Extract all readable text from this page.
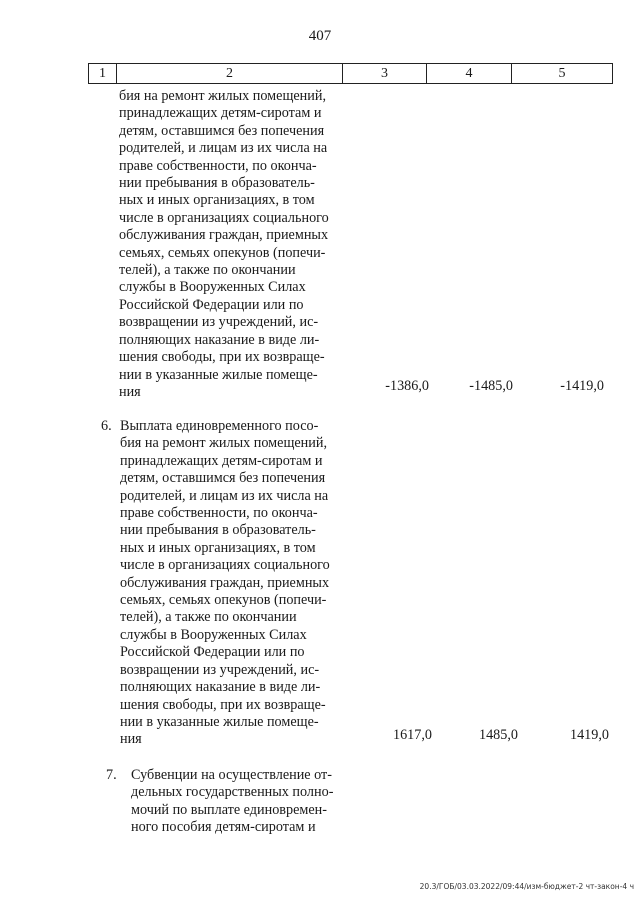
407
1	2	3	4	5
бия на ремонт жилых помещений,
принадлежащих детям-сиротам и
детям, оставшимся без попечения
родителей, и лицам из их числа на
праве собственности, по оконча-
нии пребывания в образователь-
ных и иных организациях, в том
числе в организациях социального
обслуживания граждан, приемных
семьях, семьях опекунов (попечи-
телей), а также по окончании
службы в Вооруженных Силах
Российской Федерации или по
возвращении из учреждений, ис-
полняющих наказание в виде ли-
шения свободы, при их возвраще-
нии в указанные жилые помеще-
ния	-1386,0	-1485,0	-1419,0
6. Выплата единовременного посо-
бия на ремонт жилых помещений,
принадлежащих детям-сиротам и
детям, оставшимся без попечения
родителей, и лицам из их числа на
праве собственности, по оконча-
нии пребывания в образователь-
ных и иных организациях, в том
числе в организациях социального
обслуживания граждан, приемных
семьях, семьях опекунов (попечи-
телей), а также по окончании
службы в Вооруженных Силах
Российской Федерации или по
возвращении из учреждений, ис-
полняющих наказание в виде ли-
шения свободы, при их возвраще-
нии в указанные жилые помеще-
ния	1617,0	1485,0	1419,0
7. Субвенции на осуществление от-
дельных государственных полно-
мочий по выплате единовремен-
ного пособия детям-сиротам и
20.3/ГОБ/03.03.2022/09:44/изм-бюджет-2 чт-закон-4 ч
